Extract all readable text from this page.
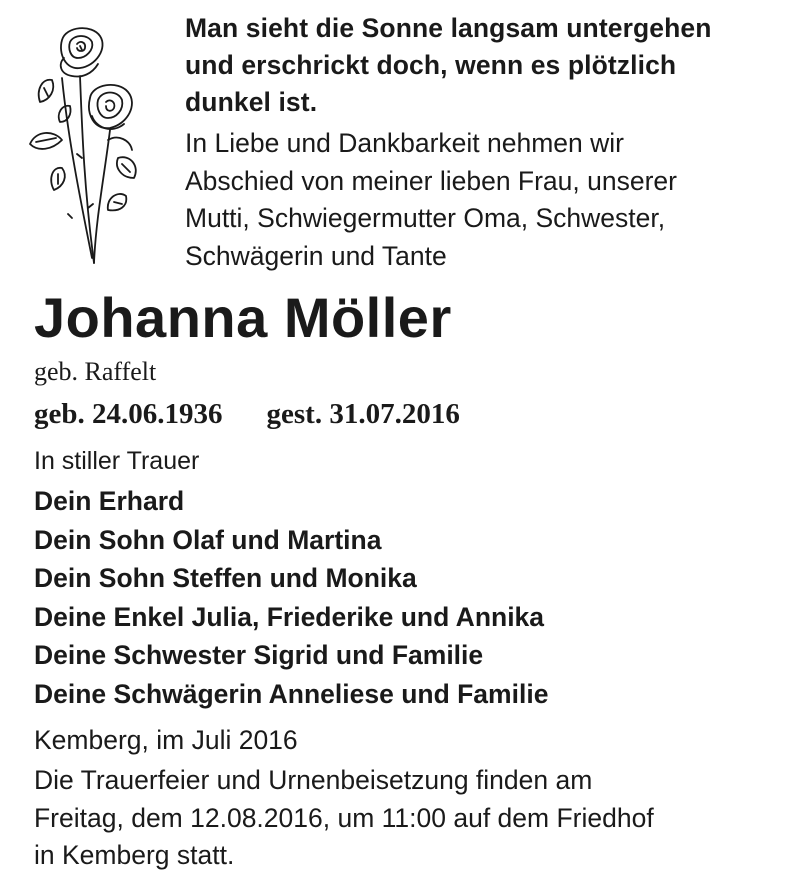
Man sieht die Sonne langsam untergehen

und erschrickt doch, wenn es plötzlich

dunkel ist.

In Liebe und Dankbarkeit nehmen wir

Abschied von meiner lieben Frau, unserer

Mutti, Schwiegermutter Oma, Schwester,

Schwägerin und Tante

Johanna Möller
geb. Raffelt
geb. 24.06.1936 gest. 31.07.2016
In stiller Trauer
Dein Erhard
Dein Sohn Olaf und Martina
Dein Sohn Steffen und Monika
Deine Enkel Julia, Friederike und Annika
Deine Schwester Sigrid und Familie
Deine Schwägerin Anneliese und Familie
Kemberg, im Juli 2016

Die Trauerfeier und Urnenbeisetzung finden am

Freitag, dem 12.08.2016, um 11:00 auf dem Friedhof

in Kemberg statt.
